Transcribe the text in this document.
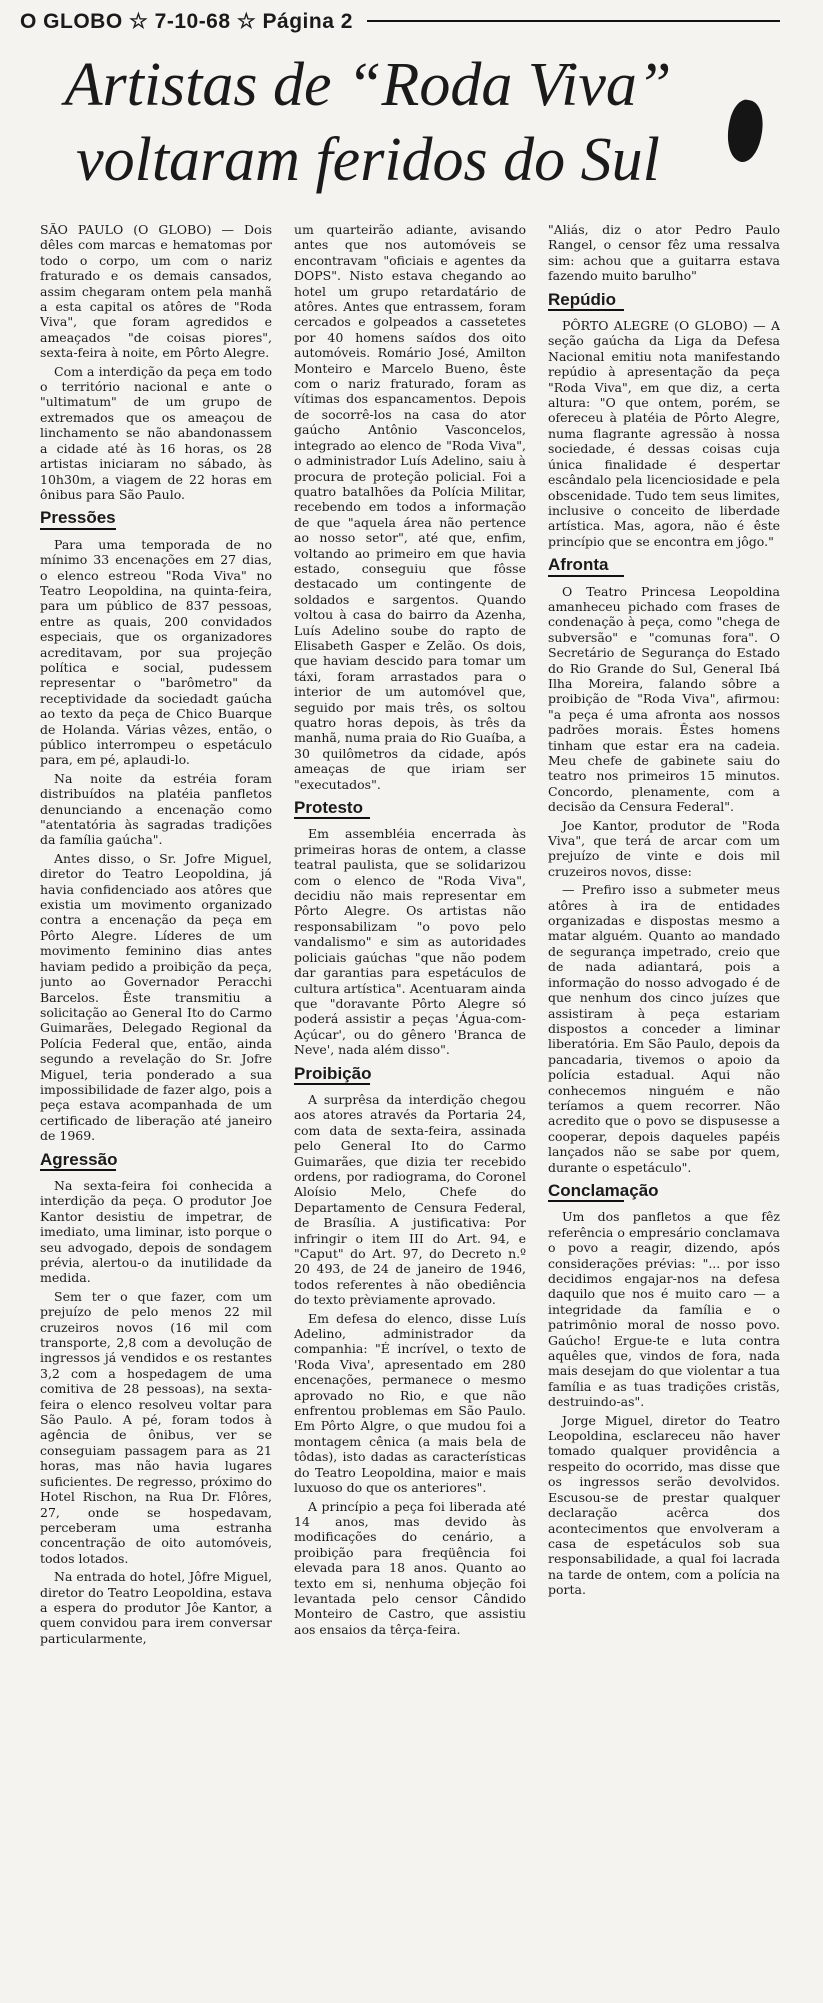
O GLOBO ☆ 7-10-68 ☆ Página 2
Artistas de “Roda Viva”
voltaram feridos do Sul

SÃO PAULO (O GLOBO) — Dois dêles com marcas e hematomas por todo o corpo, um com o nariz fraturado e os demais cansados, assim chegaram ontem pela manhã a esta capital os atôres de "Roda Viva", que foram agredidos e ameaçados "de coisas piores", sexta-feira à noite, em Pôrto Alegre.

Com a interdição da peça em todo o território nacional e ante o "ultimatum" de um grupo de extremados que os ameaçou de linchamento se não abandonassem a cidade até às 16 horas, os 28 artistas iniciaram no sábado, às 10h30m, a viagem de 22 horas em ônibus para São Paulo.

Pressões

Para uma temporada de no mínimo 33 encenações em 27 dias, o elenco estreou "Roda Viva" no Teatro Leopoldina, na quinta-feira, para um público de 837 pessoas, entre as quais, 200 convidados especiais, que os organizadores acreditavam, por sua projeção política e social, pudessem representar o "barômetro" da receptividade da sociedadt gaúcha ao texto da peça de Chico Buarque de Holanda. Várias vêzes, então, o público interrompeu o espetáculo para, em pé, aplaudi-lo.

Na noite da estréia foram distribuídos na platéia panfletos denunciando a encenação como "atentatória às sagradas tradições da família gaúcha".

Antes disso, o Sr. Jofre Miguel, diretor do Teatro Leopoldina, já havia confidenciado aos atôres que existia um movimento organizado contra a encenação da peça em Pôrto Alegre. Líderes de um movimento feminino dias antes haviam pedido a proibição da peça, junto ao Governador Peracchi Barcelos. Êste transmitiu a solicitação ao General Ito do Carmo Guimarães, Delegado Regional da Polícia Federal que, então, ainda segundo a revelação do Sr. Jofre Miguel, teria ponderado a sua impossibilidade de fazer algo, pois a peça estava acompanhada de um certificado de liberação até janeiro de 1969.

Agressão

Na sexta-feira foi conhecida a interdição da peça. O produtor Joe Kantor desistiu de impetrar, de imediato, uma liminar, isto porque o seu advogado, depois de sondagem prévia, alertou-o da inutilidade da medida.

Sem ter o que fazer, com um prejuízo de pelo menos 22 mil cruzeiros novos (16 mil com transporte, 2,8 com a devolução de ingressos já vendidos e os restantes 3,2 com a hospedagem de uma comitiva de 28 pessoas), na sexta-feira o elenco resolveu voltar para São Paulo. A pé, foram todos à agência de ônibus, ver se conseguiam passagem para as 21 horas, mas não havia lugares suficientes. De regresso, próximo do Hotel Rischon, na Rua Dr. Flôres, 27, onde se hospedavam, perceberam uma estranha concentração de oito automóveis, todos lotados.

Na entrada do hotel, Jôfre Miguel, diretor do Teatro Leopoldina, estava a espera do produtor Jôe Kantor, a quem convidou para irem conversar particularmente,

um quarteirão adiante, avisando antes que nos automóveis se encontravam "oficiais e agentes da DOPS". Nisto estava chegando ao hotel um grupo retardatário de atôres. Antes que entrassem, foram cercados e golpeados a cassetetes por 40 homens saídos dos oito automóveis. Romário José, Amilton Monteiro e Marcelo Bueno, êste com o nariz fraturado, foram as vítimas dos espancamentos. Depois de socorrê-los na casa do ator gaúcho Antônio Vasconcelos, integrado ao elenco de "Roda Viva", o administrador Luís Adelino, saiu à procura de proteção policial. Foi a quatro batalhões da Polícia Militar, recebendo em todos a informação de que "aquela área não pertence ao nosso setor", até que, enfim, voltando ao primeiro em que havia estado, conseguiu que fôsse destacado um contingente de soldados e sargentos. Quando voltou à casa do bairro da Azenha, Luís Adelino soube do rapto de Elisabeth Gasper e Zelão. Os dois, que haviam descido para tomar um táxi, foram arrastados para o interior de um automóvel que, seguido por mais três, os soltou quatro horas depois, às três da manhã, numa praia do Rio Guaíba, a 30 quilômetros da cidade, após ameaças de que iriam ser "executados".

Protesto

Em assembléia encerrada às primeiras horas de ontem, a classe teatral paulista, que se solidarizou com o elenco de "Roda Viva", decidiu não mais representar em Pôrto Alegre. Os artistas não responsabilizam "o povo pelo vandalismo" e sim as autoridades policiais gaúchas "que não podem dar garantias para espetáculos de cultura artística". Acentuaram ainda que "doravante Pôrto Alegre só poderá assistir a peças 'Água-com-Açúcar', ou do gênero 'Branca de Neve', nada além disso".

Proibição

A surprêsa da interdição chegou aos atores através da Portaria 24, com data de sexta-feira, assinada pelo General Ito do Carmo Guimarães, que dizia ter recebido ordens, por radiograma, do Coronel Aloísio Melo, Chefe do Departamento de Censura Federal, de Brasília. A justificativa: Por infringir o item III do Art. 94, e "Caput" do Art. 97, do Decreto n.º 20 493, de 24 de janeiro de 1946, todos referentes à não obediência do texto prèviamente aprovado.

Em defesa do elenco, disse Luís Adelino, administrador da companhia: "É incrível, o texto de 'Roda Viva', apresentado em 280 encenações, permanece o mesmo aprovado no Rio, e que não enfrentou problemas em São Paulo. Em Pôrto Algre, o que mudou foi a montagem cênica (a mais bela de tôdas), isto dadas as características do Teatro Leopoldina, maior e mais luxuoso do que os anteriores".

A princípio a peça foi liberada até 14 anos, mas devido às modificações do cenário, a proibição para freqüência foi elevada para 18 anos. Quanto ao texto em si, nenhuma objeção foi levantada pelo censor Cândido Monteiro de Castro, que assistiu aos ensaios da têrça-feira.

"Aliás, diz o ator Pedro Paulo Rangel, o censor fêz uma ressalva sim: achou que a guitarra estava fazendo muito barulho"

Repúdio

PÔRTO ALEGRE (O GLOBO) — A seção gaúcha da Liga da Defesa Nacional emitiu nota manifestando repúdio à apresentação da peça "Roda Viva", em que diz, a certa altura: "O que ontem, porém, se ofereceu à platéia de Pôrto Alegre, numa flagrante agressão à nossa sociedade, é dessas coisas cuja única finalidade é despertar escândalo pela licenciosidade e pela obscenidade. Tudo tem seus limites, inclusive o conceito de liberdade artística. Mas, agora, não é êste princípio que se encontra em jôgo."

Afronta

O Teatro Princesa Leopoldina amanheceu pichado com frases de condenação à peça, como "chega de subversão" e "comunas fora". O Secretário de Segurança do Estado do Rio Grande do Sul, General Ibá Ilha Moreira, falando sôbre a proibição de "Roda Viva", afirmou: "a peça é uma afronta aos nossos padrões morais. Êstes homens tinham que estar era na cadeia. Meu chefe de gabinete saiu do teatro nos primeiros 15 minutos. Concordo, plenamente, com a decisão da Censura Federal".

Joe Kantor, produtor de "Roda Viva", que terá de arcar com um prejuízo de vinte e dois mil cruzeiros novos, disse:

— Prefiro isso a submeter meus atôres à ira de entidades organizadas e dispostas mesmo a matar alguém. Quanto ao mandado de segurança impetrado, creio que de nada adiantará, pois a informação do nosso advogado é de que nenhum dos cinco juízes que assistiram à peça estariam dispostos a conceder a liminar liberatória. Em São Paulo, depois da pancadaria, tivemos o apoio da polícia estadual. Aqui não conhecemos ninguém e não teríamos a quem recorrer. Não acredito que o povo se dispusesse a cooperar, depois daqueles papéis lançados não se sabe por quem, durante o espetáculo".

Conclamação

Um dos panfletos a que fêz referência o empresário conclamava o povo a reagir, dizendo, após considerações prévias: "... por isso decidimos engajar-nos na defesa daquilo que nos é muito caro — a integridade da família e o patrimônio moral de nosso povo. Gaúcho! Ergue-te e luta contra aquêles que, vindos de fora, nada mais desejam do que violentar a tua família e as tuas tradições cristãs, destruindo-as".

Jorge Miguel, diretor do Teatro Leopoldina, esclareceu não haver tomado qualquer providência a respeito do ocorrido, mas disse que os ingressos serão devolvidos. Escusou-se de prestar qualquer declaração acêrca dos acontecimentos que envolveram a casa de espetáculos sob sua responsabilidade, a qual foi lacrada na tarde de ontem, com a polícia na porta.
